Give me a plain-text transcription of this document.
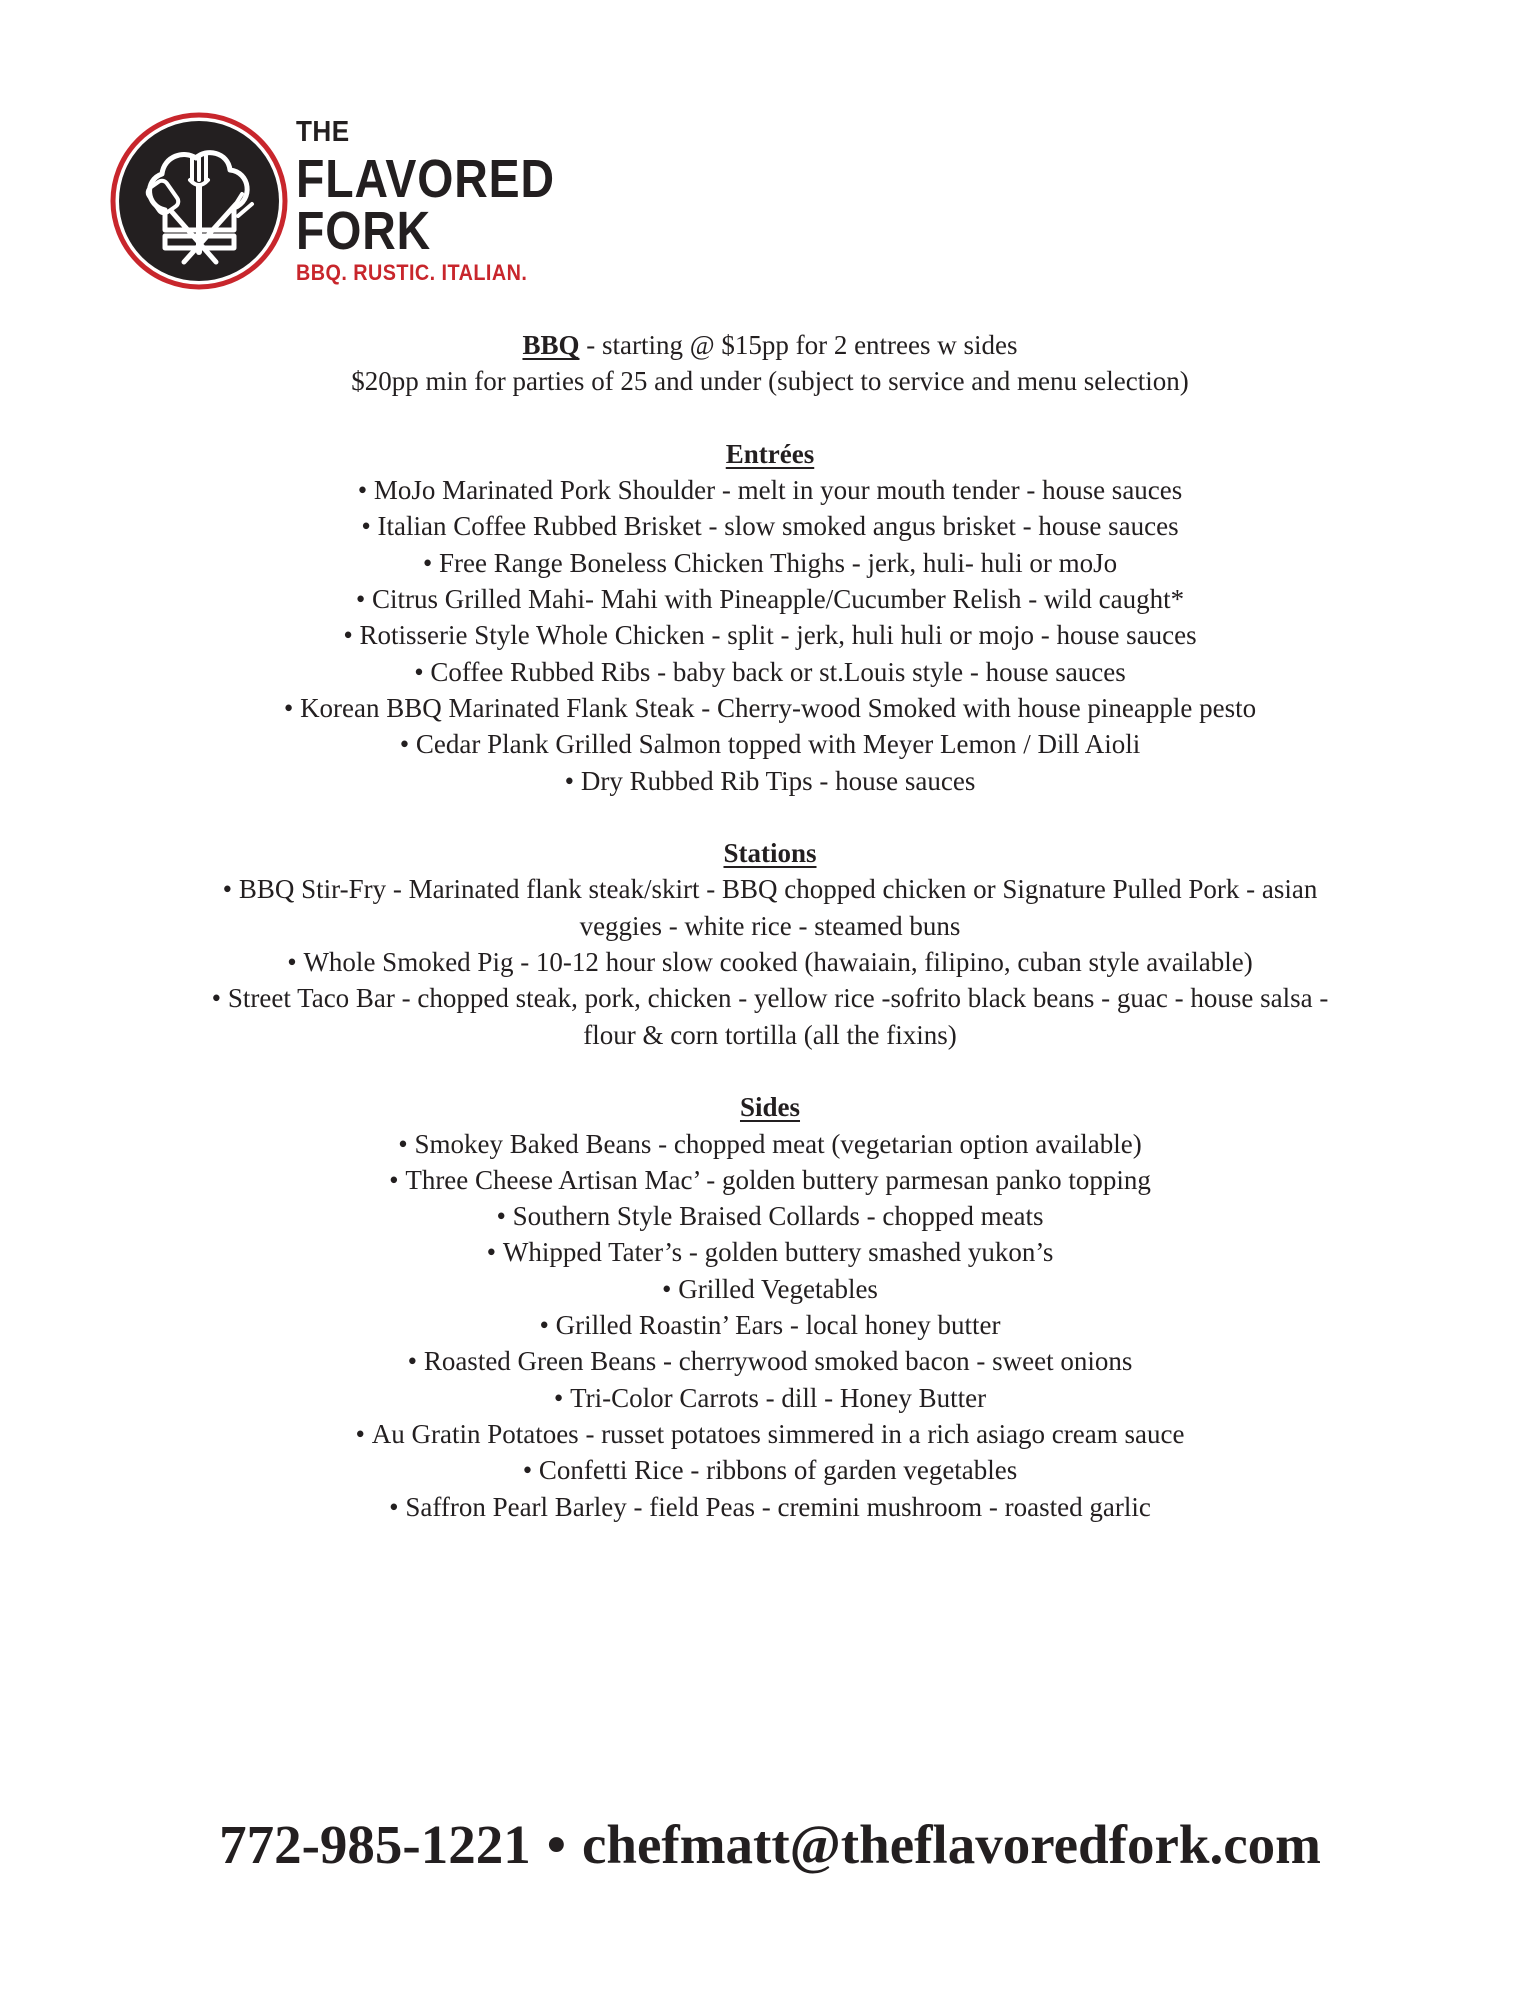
THE
FLAVORED
FORK
BBQ. RUSTIC. ITALIAN.

BBQ - starting @ $15pp for 2 entrees w sides

$20pp min for parties of 25 and under (subject to service and menu selection)

Entrées

• MoJo Marinated Pork Shoulder - melt in your mouth tender - house sauces

• Italian Coffee Rubbed Brisket - slow smoked angus brisket - house sauces

• Free Range Boneless Chicken Thighs - jerk, huli- huli or moJo

• Citrus Grilled Mahi- Mahi with Pineapple/Cucumber Relish - wild caught*

• Rotisserie Style Whole Chicken - split - jerk, huli huli or mojo - house sauces

• Coffee Rubbed Ribs - baby back or st.Louis style - house sauces

• Korean BBQ Marinated Flank Steak - Cherry-wood Smoked with house pineapple pesto

• Cedar Plank Grilled Salmon topped with Meyer Lemon / Dill Aioli

• Dry Rubbed Rib Tips - house sauces

Stations

• BBQ Stir-Fry - Marinated flank steak/skirt - BBQ chopped chicken or Signature Pulled Pork - asian

veggies - white rice - steamed buns

• Whole Smoked Pig - 10-12 hour slow cooked (hawaiain, filipino, cuban style available)

• Street Taco Bar - chopped steak, pork, chicken - yellow rice -sofrito black beans - guac - house salsa -

flour & corn tortilla (all the fixins)

Sides

• Smokey Baked Beans - chopped meat (vegetarian option available)

• Three Cheese Artisan Mac’ - golden buttery parmesan panko topping

• Southern Style Braised Collards - chopped meats

• Whipped Tater’s - golden buttery smashed yukon’s

• Grilled Vegetables

• Grilled Roastin’ Ears - local honey butter

• Roasted Green Beans - cherrywood smoked bacon - sweet onions

• Tri-Color Carrots - dill - Honey Butter

• Au Gratin Potatoes - russet potatoes simmered in a rich asiago cream sauce

• Confetti Rice - ribbons of garden vegetables

• Saffron Pearl Barley - field Peas - cremini mushroom - roasted garlic

772-985-1221 • chefmatt@theflavoredfork.com
